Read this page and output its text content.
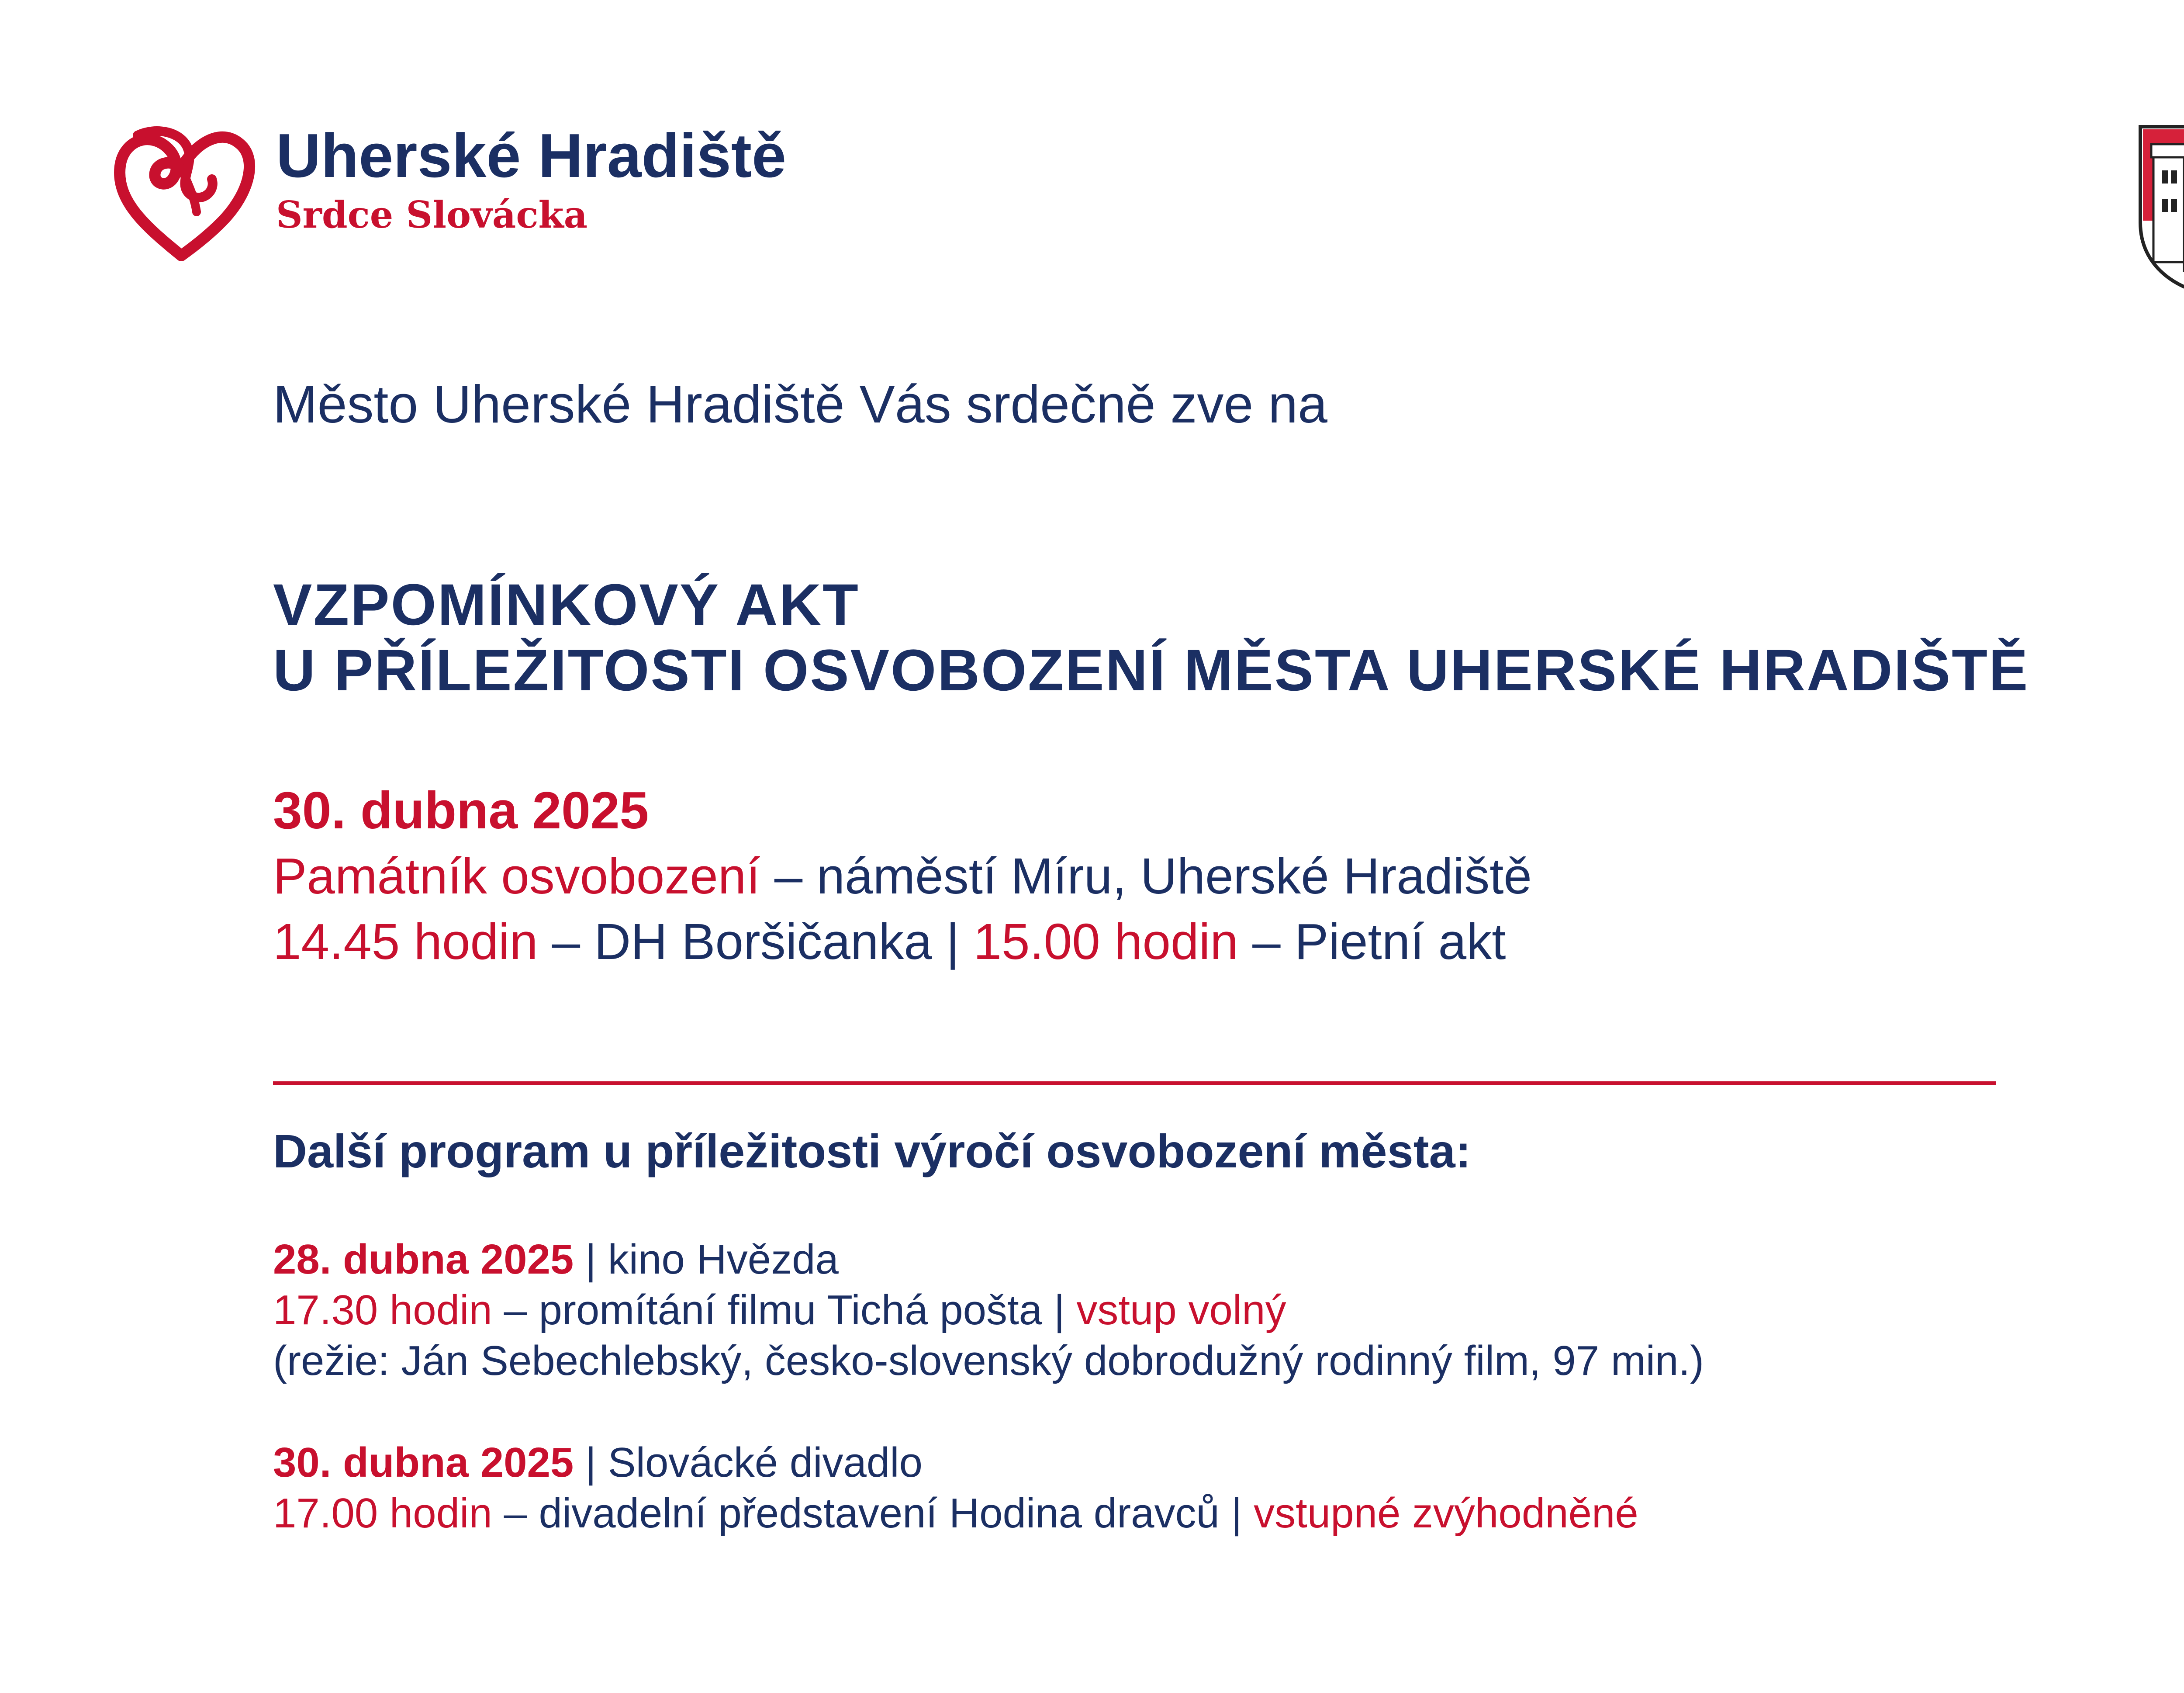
Uherské Hradiště
Srdce Slovácka
Město Uherské Hradiště Vás srdečně zve na
VZPOMÍNKOVÝ AKT
U PŘÍLEŽITOSTI OSVOBOZENÍ MĚSTA UHERSKÉ HRADIŠTĚ
30. dubna 2025
Památník osvobození – náměstí Míru, Uherské Hradiště
14.45 hodin – DH Boršičanka | 15.00 hodin – Pietní akt
Další program u příležitosti výročí osvobození města:
28. dubna 2025 | kino Hvězda
17.30 hodin – promítání filmu Tichá pošta | vstup volný
(režie: Ján Sebechlebský, česko-slovenský dobrodužný rodinný film, 97 min.)
30. dubna 2025 | Slovácké divadlo
17.00 hodin – divadelní představení Hodina dravců | vstupné zvýhodněné
